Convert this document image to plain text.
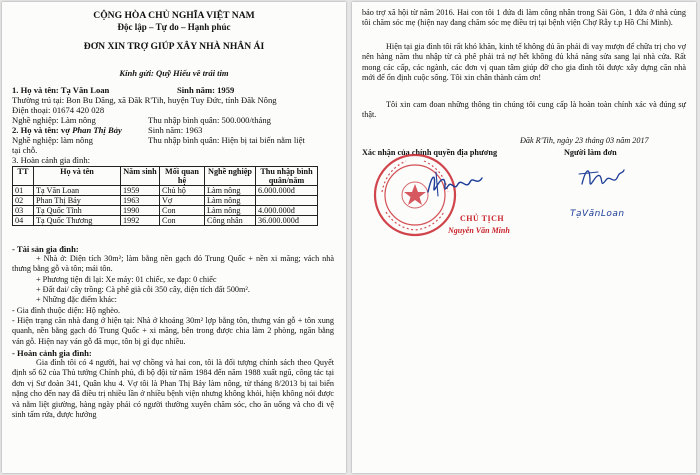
CỘNG HÒA CHỦ NGHĨA VIỆT NAM
Độc lập – Tự do – Hạnh phúc
ĐƠN XIN TRỢ GIÚP XÂY NHÀ NHÂN ÁI
Kính gửi: Quỹ Hiếu về trái tim
1. Họ và tên: Tạ Văn Loan	Sinh năm: 1959
Thường trú tại: Bon Bu Dăng, xã Đăk R'Tih, huyện Tuy Đức, tỉnh Đăk Nông
Điện thoại: 01674 420 028
Nghề nghiệp: Làm nông	Thu nhập bình quân: 500.000/tháng
2. Họ và tên: vợ Phan Thị Bảy	Sinh năm: 1963
Nghề nghiệp: làm nông	Thu nhập bình quân: Hiện bị tai biến nằm liệt
tại chỗ.
3. Hoàn cảnh gia đình:
TT	Họ và tên	Năm sinh	Mối quan hệ	Nghề nghiệp	Thu nhập bình quân/năm
01	Tạ Văn Loan	1959	Chủ hộ	Làm nông	6.000.000đ
02	Phan Thị Bảy	1963	Vợ	Làm nông	
03	Tạ Quốc Tĩnh	1990	Con	Làm nông	4.000.000đ
04	Tạ Quốc Thương	1992	Con	Công nhân	36.000.000đ
- Tài sản gia đình:
+ Nhà ở: Diện tích 30m²; làm bằng nền gạch đỏ Trung Quốc + nền xi măng; vách nhà thưng bằng gỗ và tôn; mái tôn.
+ Phương tiện đi lại: Xe máy: 01 chiếc, xe đạp: 0 chiếc
+ Đất đai/ cây trồng: Cà phê già cỗi 350 cây, diện tích đất 500m².
+ Những đặc điểm khác:
- Gia đình thuộc diện: Hộ nghèo.
- Hiện trạng căn nhà đang ở hiện tại: Nhà ở khoảng 30m² lợp bằng tôn, thưng ván gỗ + tôn xung quanh, nền bằng gạch đỏ Trung Quốc + xi măng, bên trong được chia làm 2 phòng, ngăn bằng ván gỗ. Hiện nay ván gỗ đã mục, tôn bị gỉ đục nhiều.
- Hoàn cảnh gia đình:
Gia đình tôi có 4 người, hai vợ chồng và hai con, tôi là đối tượng chính sách theo Quyết định số 62 của Thủ tướng Chính phủ, đi bộ đội từ năm 1984 đến năm 1988 xuất ngũ, công tác tại đơn vị Sư đoàn 341, Quân khu 4. Vợ tôi là Phan Thị Bảy làm nông, từ tháng 8/2013 bị tai biến nặng cho đến nay đã điều trị nhiều lần ở nhiều bệnh viện nhưng không khỏi, hiện không nói được và nằm liệt giường, hàng ngày phải có người thường xuyên chăm sóc, cho ăn uống và cho đi vệ sinh tấm rửa, được hưởng
bảo trợ xã hội từ năm 2016. Hai con tôi 1 đứa đi làm công nhân trong Sài Gòn, 1 đứa ở nhà cùng tôi chăm sóc mẹ (hiện nay đang chăm sóc mẹ điều trị tại bệnh viện Chợ Rẫy t.p Hồ Chí Minh).
Hiện tại gia đình tôi rất khó khăn, kinh tế không đủ ăn phải đi vay mượn để chữa trị cho vợ nên hàng năm thu nhập từ cà phê phải trả nợ hết không đủ khả năng sửa sang lại nhà cửa. Rất mong các cấp, các ngành, các đơn vị quan tâm giúp đỡ cho gia đình tôi được xây dựng căn nhà mới để ổn định cuộc sống. Tôi xin chân thành cảm ơn!
Tôi xin cam đoan những thông tin chúng tôi cung cấp là hoàn toàn chính xác và đúng sự thật.
Đăk R'Tih, ngày 23 tháng 03 năm 2017
Xác nhận của chính quyền địa phương	Người làm đơn
CHỦ TỊCH
Nguyễn Văn Minh
TạVănLoan
